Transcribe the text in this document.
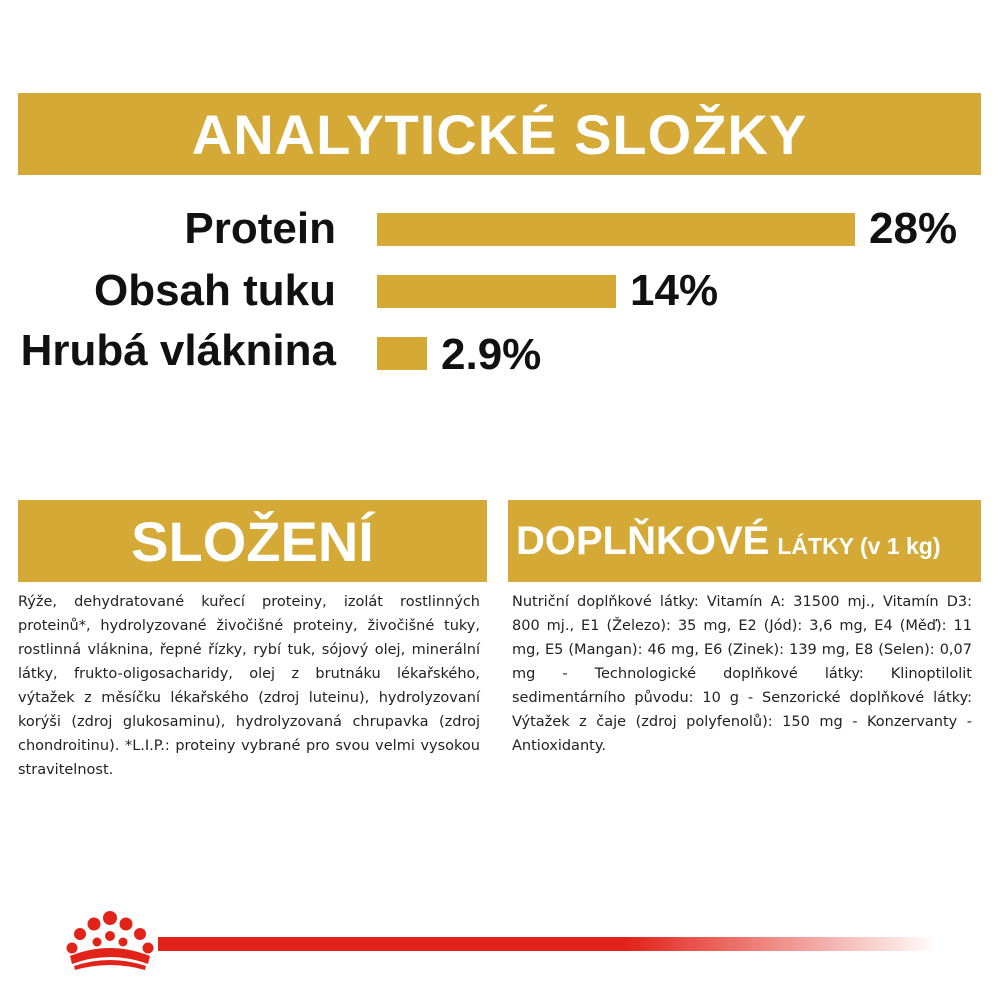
ANALYTICKÉ SLOŽKY
Protein	28%
Obsah tuku	14%
Hrubá vláknina 2.9%
SLOŽENÍ	DOPLŇKOVÉ LÁTKY (v 1 kg)
Rýže, dehydratované kuřecí proteiny, izolát rostlinných proteinů*, hydrolyzované živočišné proteiny, živočišné tuky, rostlinná vláknina, řepné řízky, rybí tuk, sójový olej, minerální látky, frukto-oligosacharidy, olej z brutnáku lékařského, výtažek z měsíčku lékařského (zdroj luteinu), hydrolyzovaní korýši (zdroj glukosaminu), hydrolyzovaná chrupavka (zdroj chondroitinu). *L.I.P.: proteiny vybrané pro svou velmi vysokou stravitelnost.
Nutriční doplňkové látky: Vitamín A: 31500 mj., Vitamín D3: 800 mj., E1 (Železo): 35 mg, E2 (Jód): 3,6 mg, E4 (Měď): 11 mg, E5 (Mangan): 46 mg, E6 (Zinek): 139 mg, E8 (Selen): 0,07 mg - Technologické doplňkové látky: Klinoptilolit sedimentárního původu: 10 g - Senzorické doplňkové látky: Výtažek z čaje (zdroj polyfenolů): 150 mg - Konzervanty - Antioxidanty.
